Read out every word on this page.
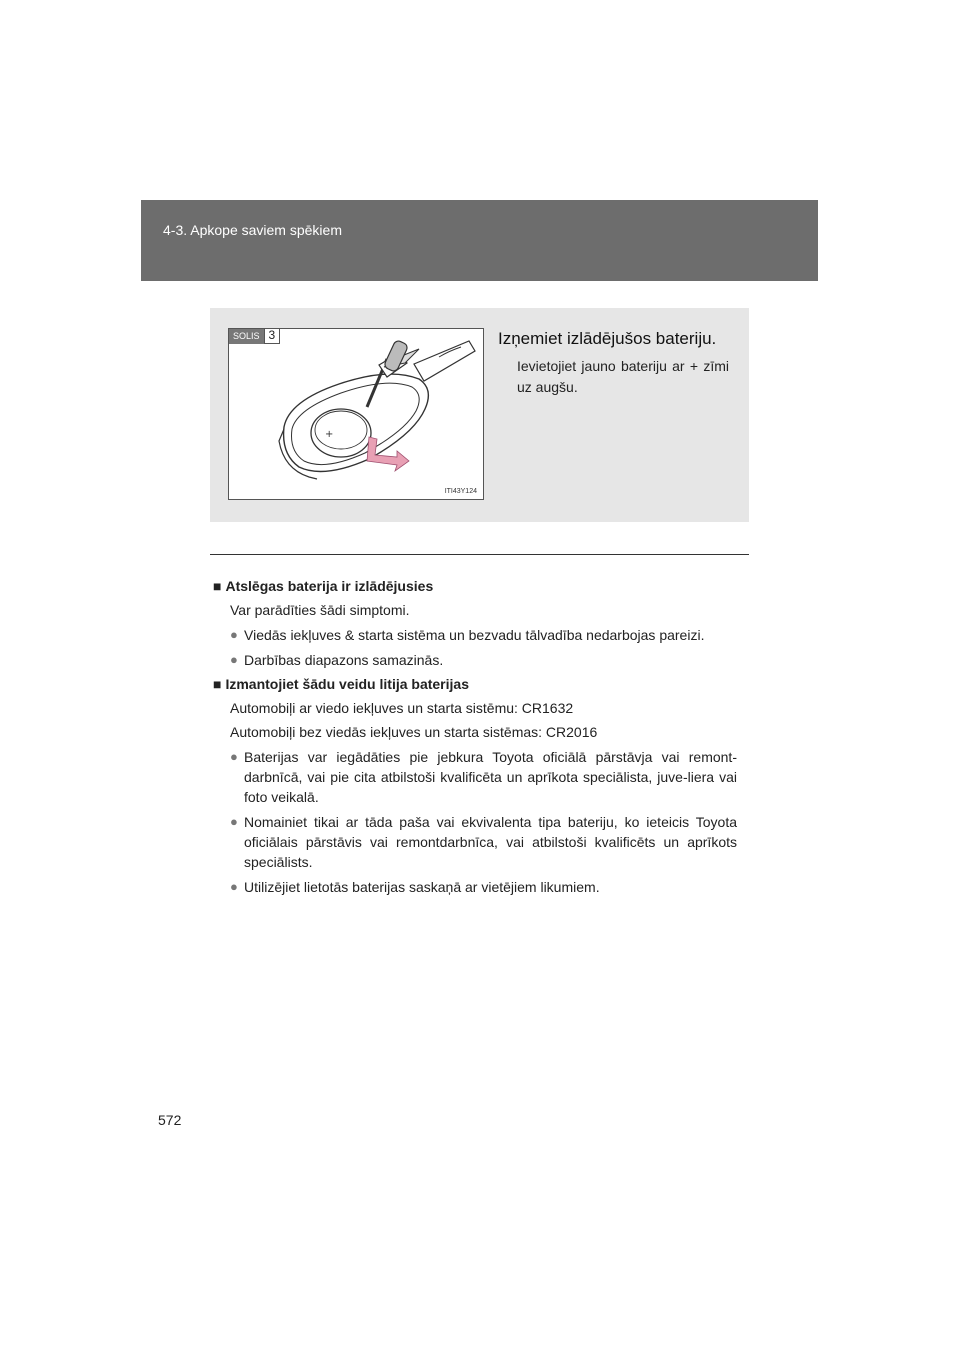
4-3. Apkope saviem spēkiem
SOLIS 3
+
ITI43Y124
Izņemiet izlādējušos bateriju.
Ievietojiet jauno bateriju ar + zīmi uz augšu.
■ Atslēgas baterija ir izlādējusies
Var parādīties šādi simptomi.
● Viedās iekļuves & starta sistēma un bezvadu tālvadība nedarbojas pareizi.
● Darbības diapazons samazinās.
■ Izmantojiet šādu veidu litija baterijas
Automobiļi ar viedo iekļuves un starta sistēmu: CR1632
Automobiļi bez viedās iekļuves un starta sistēmas: CR2016
● Baterijas var iegādāties pie jebkura Toyota oficiālā pārstāvja vai remont-darbnīcā, vai pie cita atbilstoši kvalificēta un aprīkota speciālista, juve-liera vai foto veikalā.
● Nomainiet tikai ar tāda paša vai ekvivalenta tipa bateriju, ko ieteicis Toyota oficiālais pārstāvis vai remontdarbnīca, vai atbilstoši kvalificēts un aprīkots speciālists.
● Utilizējiet lietotās baterijas saskaņā ar vietējiem likumiem.
572
